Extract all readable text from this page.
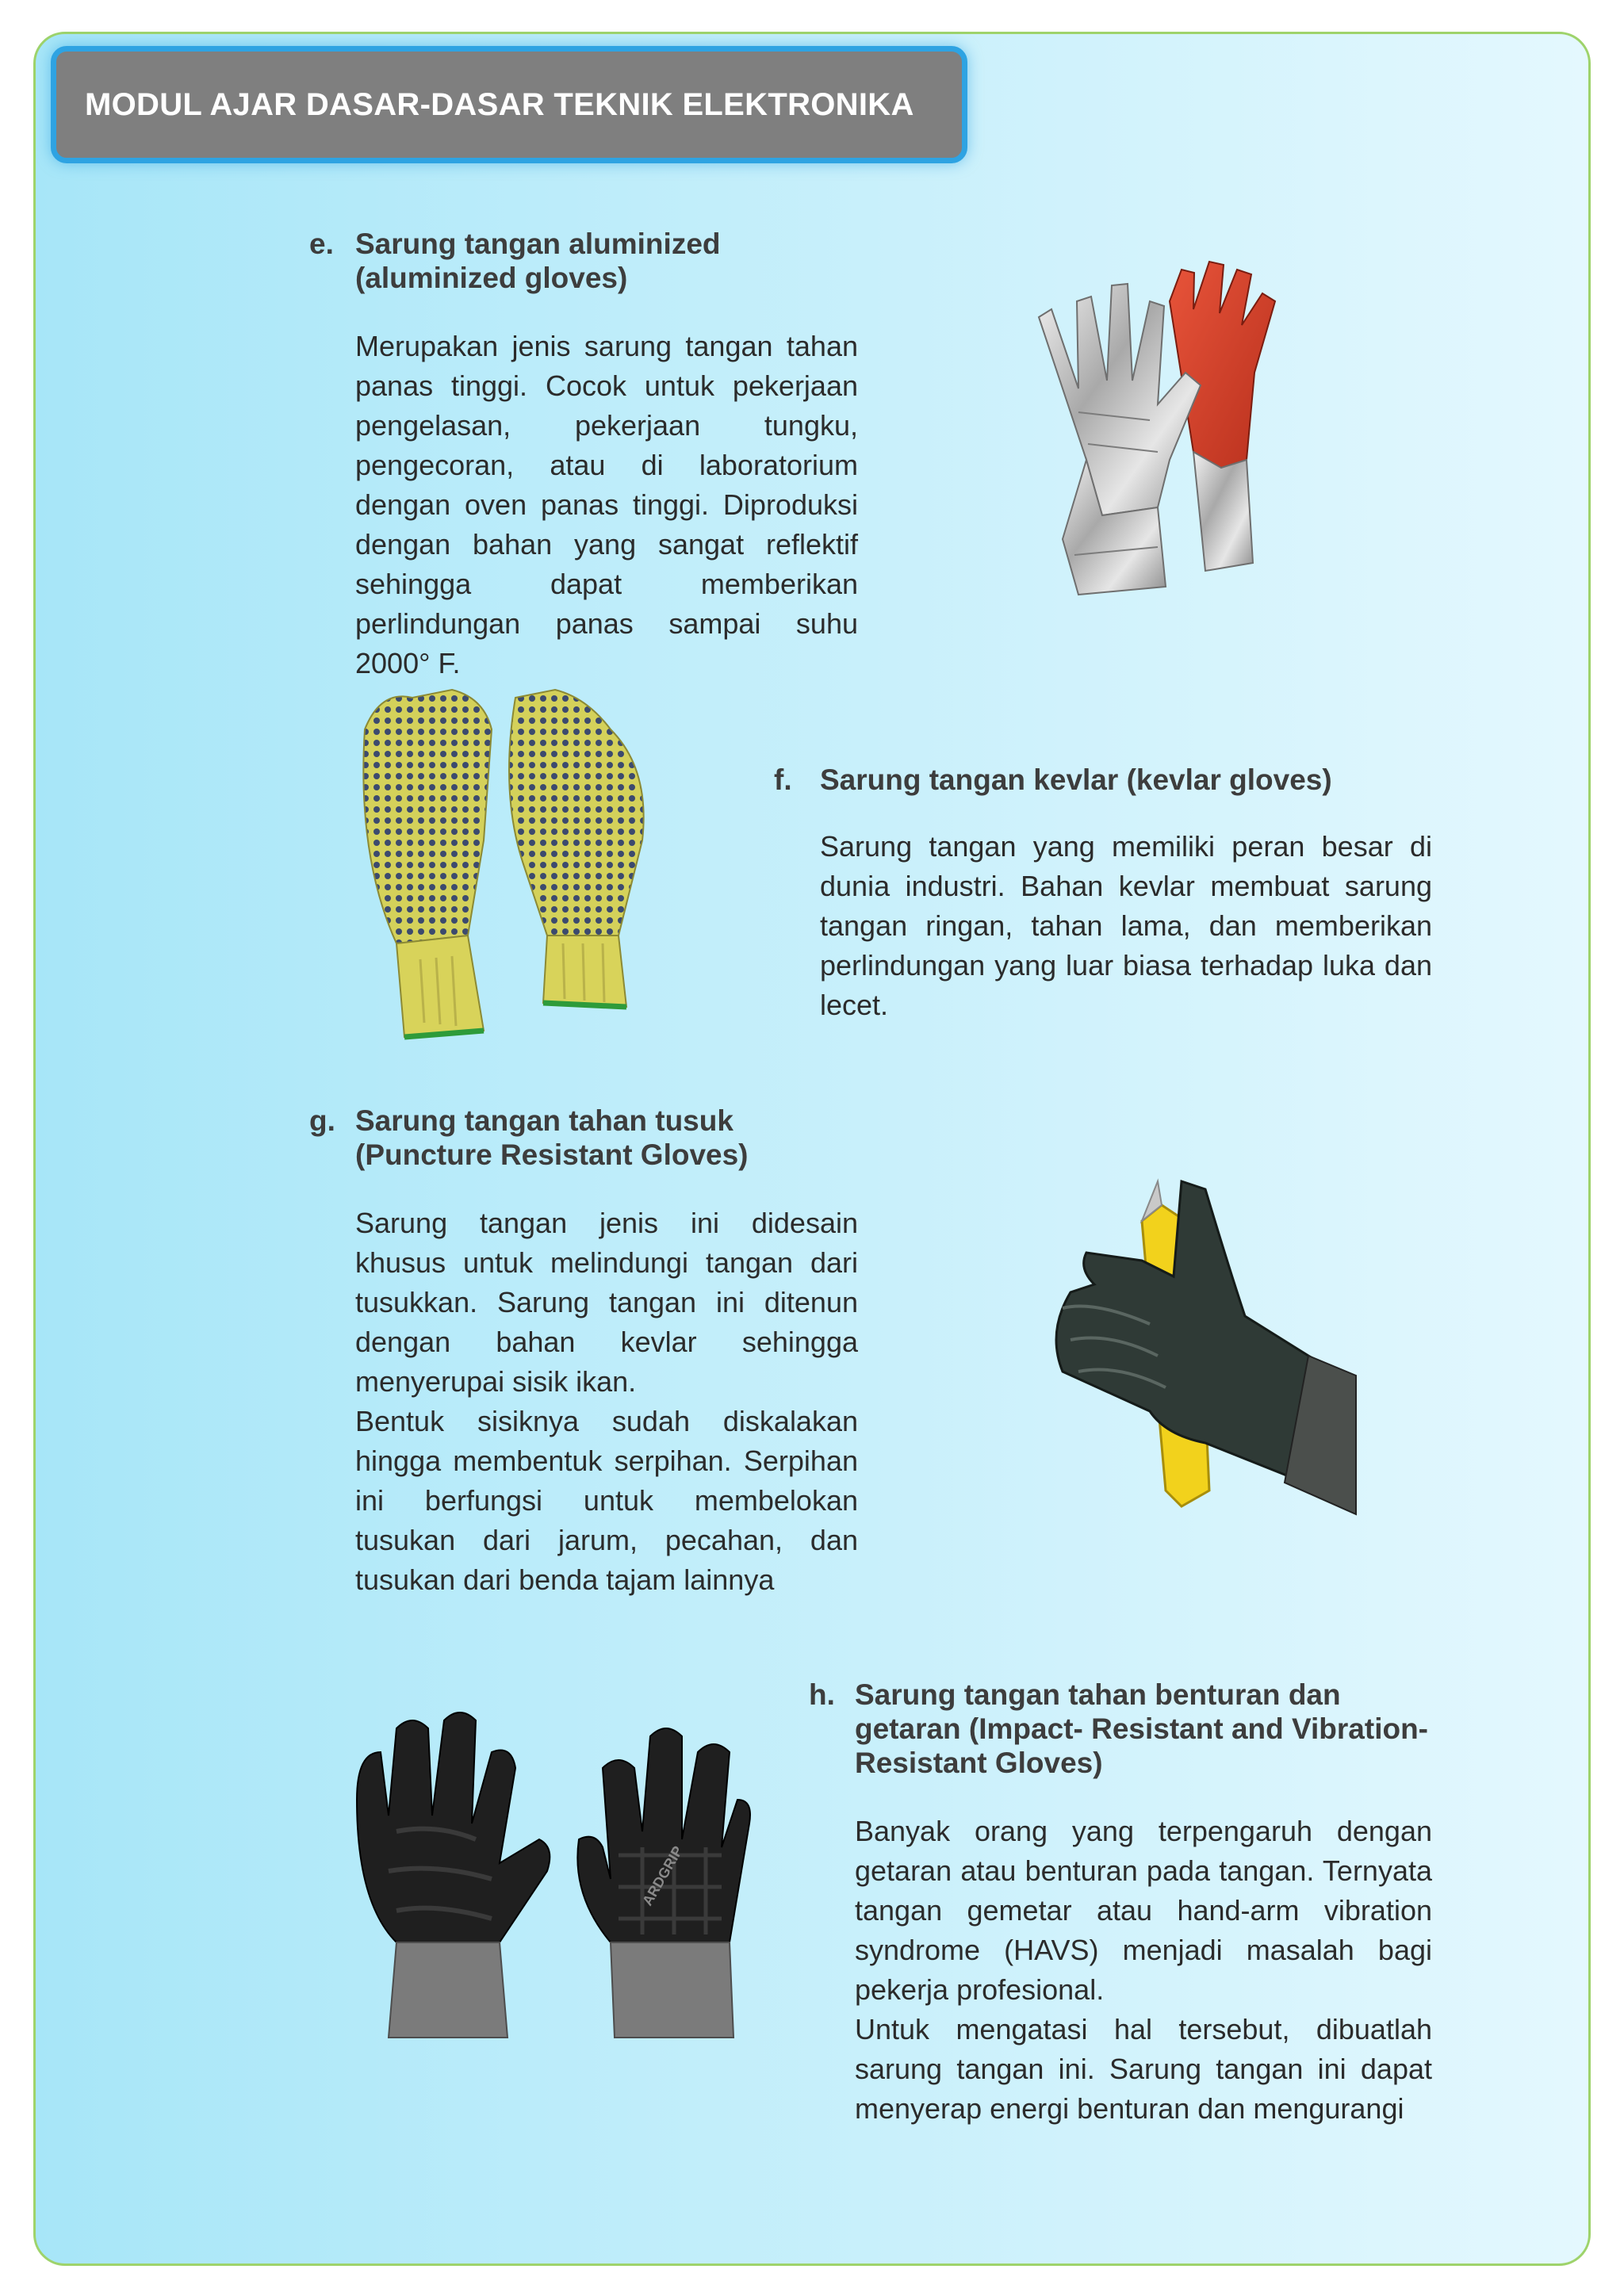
MODUL AJAR DASAR-DASAR TEKNIK ELEKTRONIKA
e. Sarung tangan aluminized (aluminized gloves)

Merupakan jenis sarung tangan tahan panas tinggi. Cocok untuk pekerjaan pengelasan, pekerjaan tungku, pengecoran, atau di laboratorium dengan oven panas tinggi. Diproduksi dengan bahan yang sangat reflektif sehingga dapat memberikan perlindungan panas sampai suhu 2000° F.

f. Sarung tangan kevlar (kevlar gloves)

Sarung tangan yang memiliki peran besar di dunia industri. Bahan kevlar membuat sarung tangan ringan, tahan lama, dan memberikan perlindungan yang luar biasa terhadap luka dan lecet.

g. Sarung tangan tahan tusuk (Puncture Resistant Gloves)

Sarung tangan jenis ini didesain khusus untuk melindungi tangan dari tusukkan. Sarung tangan ini ditenun dengan bahan kevlar sehingga menyerupai sisik ikan.

Bentuk sisiknya sudah diskalakan hingga membentuk serpihan. Serpihan ini berfungsi untuk membelokan tusukan dari jarum, pecahan, dan tusukan dari benda tajam lainnya

h. Sarung tangan tahan benturan dan getaran (Impact- Resistant and Vibration-Resistant Gloves)

Banyak orang yang terpengaruh dengan getaran atau benturan pada tangan. Ternyata tangan gemetar atau hand-arm vibration syndrome (HAVS) menjadi masalah bagi pekerja profesional.

Untuk mengatasi hal tersebut, dibuatlah sarung tangan ini. Sarung tangan ini dapat menyerap energi benturan dan mengurangi

ARDGRIP
